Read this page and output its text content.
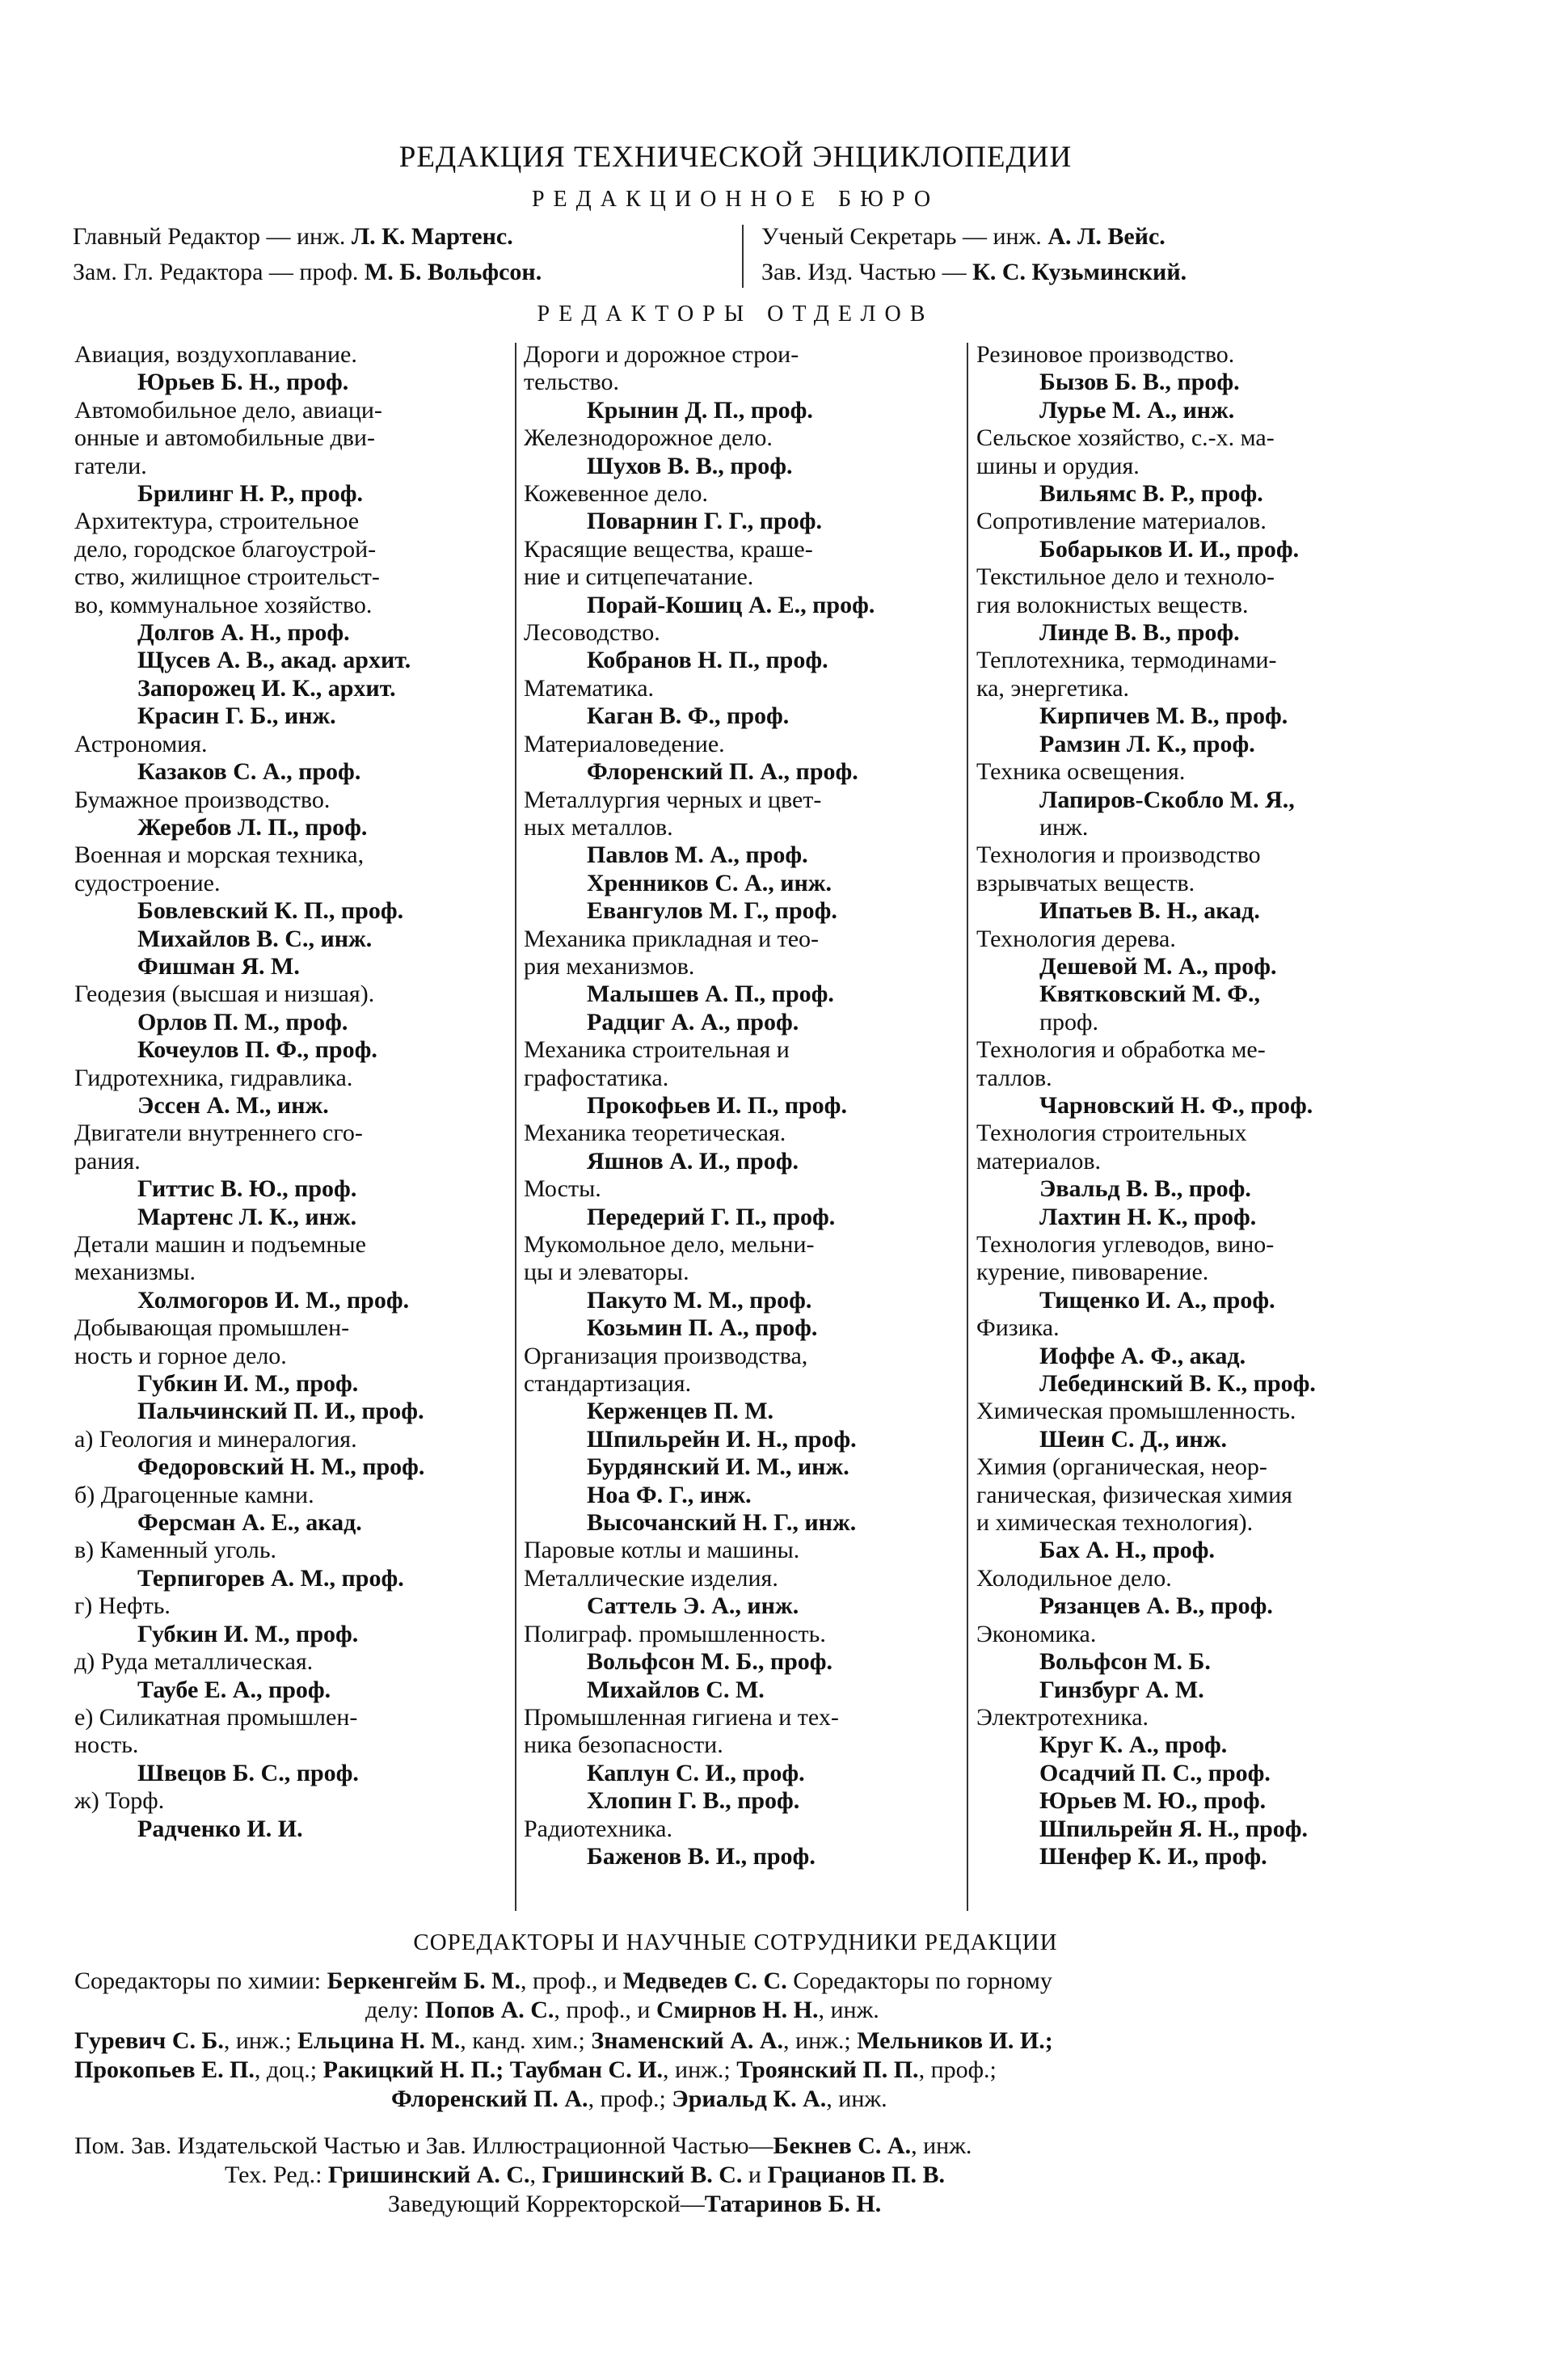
РЕДАКЦИЯ ТЕХНИЧЕСКОЙ ЭНЦИКЛОПЕДИИ
РЕДАКЦИОННОЕ БЮРО
Главный Редактор — инж. Л. К. Мартенс.	Ученый Секретарь — инж. А. Л. Вейс.
Зам. Гл. Редактора — проф. М. Б. Вольфсон.	Зав. Изд. Частью — К. С. Кузьминский.
РЕДАКТОРЫ ОТДЕЛОВ
Авиация, воздухоплавание.
Юрьев Б. Н., проф.
Автомобильное дело, авиаци-
онные и автомобильные дви-
гатели.
Брилинг Н. Р., проф.
Архитектура, строительное
дело, городское благоустрой-
ство, жилищное строительст-
во, коммунальное хозяйство.
Долгов А. Н., проф.
Щусев А. В., акад. архит.
Запорожец И. К., архит.
Красин Г. Б., инж.
Астрономия.
Казаков С. А., проф.
Бумажное производство.
Жеребов Л. П., проф.
Военная и морская техника,
судостроение.
Бовлевский К. П., проф.
Михайлов В. С., инж.
Фишман Я. М.
Геодезия (высшая и низшая).
Орлов П. М., проф.
Кочеулов П. Ф., проф.
Гидротехника, гидравлика.
Эссен А. М., инж.
Двигатели внутреннего сго-
рания.
Гиттис В. Ю., проф.
Мартенс Л. К., инж.
Детали машин и подъемные
механизмы.
Холмогоров И. М., проф.
Добывающая промышлен-
ность и горное дело.
Губкин И. М., проф.
Пальчинский П. И., проф.
а) Геология и минералогия.
Федоровский Н. М., проф.
б) Драгоценные камни.
Ферсман А. Е., акад.
в) Каменный уголь.
Терпигорев А. М., проф.
г) Нефть.
Губкин И. М., проф.
д) Руда металлическая.
Таубе Е. А., проф.
е) Силикатная промышлен-
ность.
Швецов Б. С., проф.
ж) Торф.
Радченко И. И.
Дороги и дорожное строи-
тельство.
Крынин Д. П., проф.
Железнодорожное дело.
Шухов В. В., проф.
Кожевенное дело.
Поварнин Г. Г., проф.
Красящие вещества, краше-
ние и ситцепечатание.
Порай-Кошиц А. Е., проф.
Лесоводство.
Кобранов Н. П., проф.
Математика.
Каган В. Ф., проф.
Материаловедение.
Флоренский П. А., проф.
Металлургия черных и цвет-
ных металлов.
Павлов М. А., проф.
Хренников С. А., инж.
Евангулов М. Г., проф.
Механика прикладная и тео-
рия механизмов.
Малышев А. П., проф.
Радциг А. А., проф.
Механика строительная и
графостатика.
Прокофьев И. П., проф.
Механика теоретическая.
Яшнов А. И., проф.
Мосты.
Передерий Г. П., проф.
Мукомольное дело, мельни-
цы и элеваторы.
Пакуто М. М., проф.
Козьмин П. А., проф.
Организация производства,
стандартизация.
Керженцев П. М.
Шпильрейн И. Н., проф.
Бурдянский И. М., инж.
Ноа Ф. Г., инж.
Высочанский Н. Г., инж.
Паровые котлы и машины.
Металлические изделия.
Саттель Э. А., инж.
Полиграф. промышленность.
Вольфсон М. Б., проф.
Михайлов С. М.
Промышленная гигиена и тех-
ника безопасности.
Каплун С. И., проф.
Хлопин Г. В., проф.
Радиотехника.
Баженов В. И., проф.
Резиновое производство.
Бызов Б. В., проф.
Лурье М. А., инж.
Сельское хозяйство, с.-х. ма-
шины и орудия.
Вильямс В. Р., проф.
Сопротивление материалов.
Бобарыков И. И., проф.
Текстильное дело и техноло-
гия волокнистых веществ.
Линде В. В., проф.
Теплотехника, термодинами-
ка, энергетика.
Кирпичев М. В., проф.
Рамзин Л. К., проф.
Техника освещения.
Лапиров-Скобло М. Я.,
инж.
Технология и производство
взрывчатых веществ.
Ипатьев В. Н., акад.
Технология дерева.
Дешевой М. А., проф.
Квятковский М. Ф.,
проф.
Технология и обработка ме-
таллов.
Чарновский Н. Ф., проф.
Технология строительных
материалов.
Эвальд В. В., проф.
Лахтин Н. К., проф.
Технология углеводов, вино-
курение, пивоварение.
Тищенко И. А., проф.
Физика.
Иоффе А. Ф., акад.
Лебединский В. К., проф.
Химическая промышленность.
Шеин С. Д., инж.
Химия (органическая, неор-
ганическая, физическая химия
и химическая технология).
Бах А. Н., проф.
Холодильное дело.
Рязанцев А. В., проф.
Экономика.
Вольфсон М. Б.
Гинзбург А. М.
Электротехника.
Круг К. А., проф.
Осадчий П. С., проф.
Юрьев М. Ю., проф.
Шпильрейн Я. Н., проф.
Шенфер К. И., проф.
СОРЕДАКТОРЫ И НАУЧНЫЕ СОТРУДНИКИ РЕДАКЦИИ
Соредакторы по химии: Беркенгейм Б. М., проф., и Медведев С. С. Соредакторы по горному
делу: Попов А. С., проф., и Смирнов Н. Н., инж.
Гуревич С. Б., инж.; Ельцина Н. М., канд. хим.; Знаменский А. А., инж.; Мельников И. И.;
Прокопьев Е. П., доц.; Ракицкий Н. П.; Таубман С. И., инж.; Троянский П. П., проф.;
Флоренский П. А., проф.; Эриальд К. А., инж.
Пом. Зав. Издательской Частью и Зав. Иллюстрационной Частью—Бекнев С. А., инж.
Тех. Ред.: Гришинский А. С., Гришинский В. С. и Грацианов П. В.
Заведующий Корректорской—Татаринов Б. Н.
